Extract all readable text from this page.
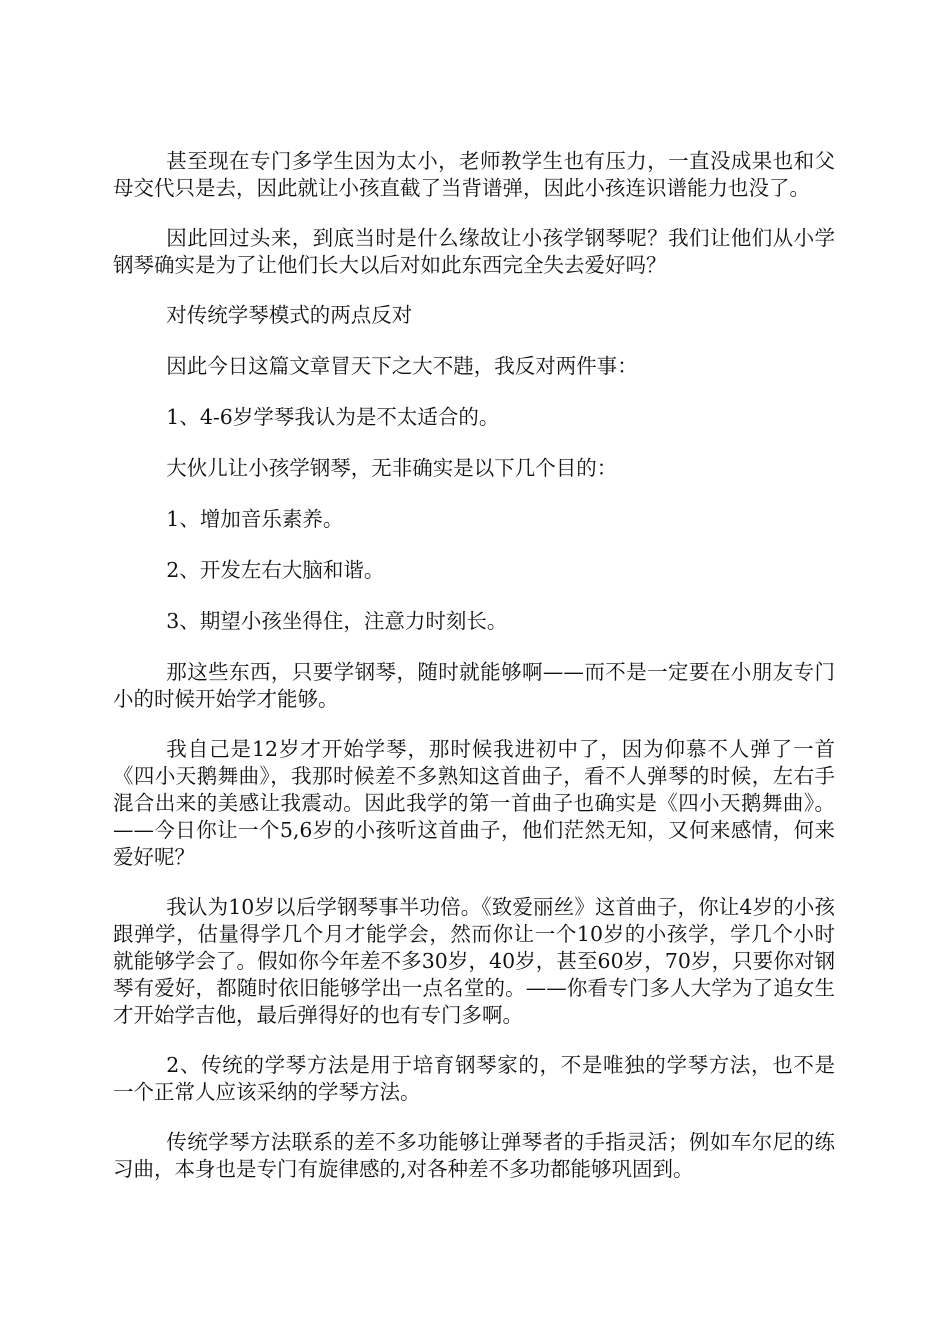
甚至现在专门多学生因为太小，老师教学生也有压力，一直没成果也和父母交代只是去，因此就让小孩直截了当背谱弹，因此小孩连识谱能力也没了。

因此回过头来，到底当时是什么缘故让小孩学钢琴呢？我们让他们从小学钢琴确实是为了让他们长大以后对如此东西完全失去爱好吗？

对传统学琴模式的两点反对

因此今日这篇文章冒天下之大不韪，我反对两件事：

1、4-6岁学琴我认为是不太适合的。

大伙儿让小孩学钢琴，无非确实是以下几个目的：

1、增加音乐素养。

2、开发左右大脑和谐。

3、期望小孩坐得住，注意力时刻长。

那这些东西，只要学钢琴，随时就能够啊——而不是一定要在小朋友专门小的时候开始学才能够。

我自己是12岁才开始学琴，那时候我进初中了，因为仰慕不人弹了一首《四小天鹅舞曲》，我那时候差不多熟知这首曲子，看不人弹琴的时候，左右手混合出来的美感让我震动。因此我学的第一首曲子也确实是《四小天鹅舞曲》。——今日你让一个5,6岁的小孩听这首曲子，他们茫然无知，又何来感情，何来爱好呢？

我认为10岁以后学钢琴事半功倍。《致爱丽丝》这首曲子，你让4岁的小孩跟弹学，估量得学几个月才能学会，然而你让一个10岁的小孩学，学几个小时就能够学会了。假如你今年差不多30岁，40岁，甚至60岁，70岁，只要你对钢琴有爱好，都随时依旧能够学出一点名堂的。——你看专门多人大学为了追女生才开始学吉他，最后弹得好的也有专门多啊。

2、传统的学琴方法是用于培育钢琴家的，不是唯独的学琴方法，也不是一个正常人应该采纳的学琴方法。

传统学琴方法联系的差不多功能够让弹琴者的手指灵活；例如车尔尼的练习曲，本身也是专门有旋律感的,对各种差不多功都能够巩固到。
